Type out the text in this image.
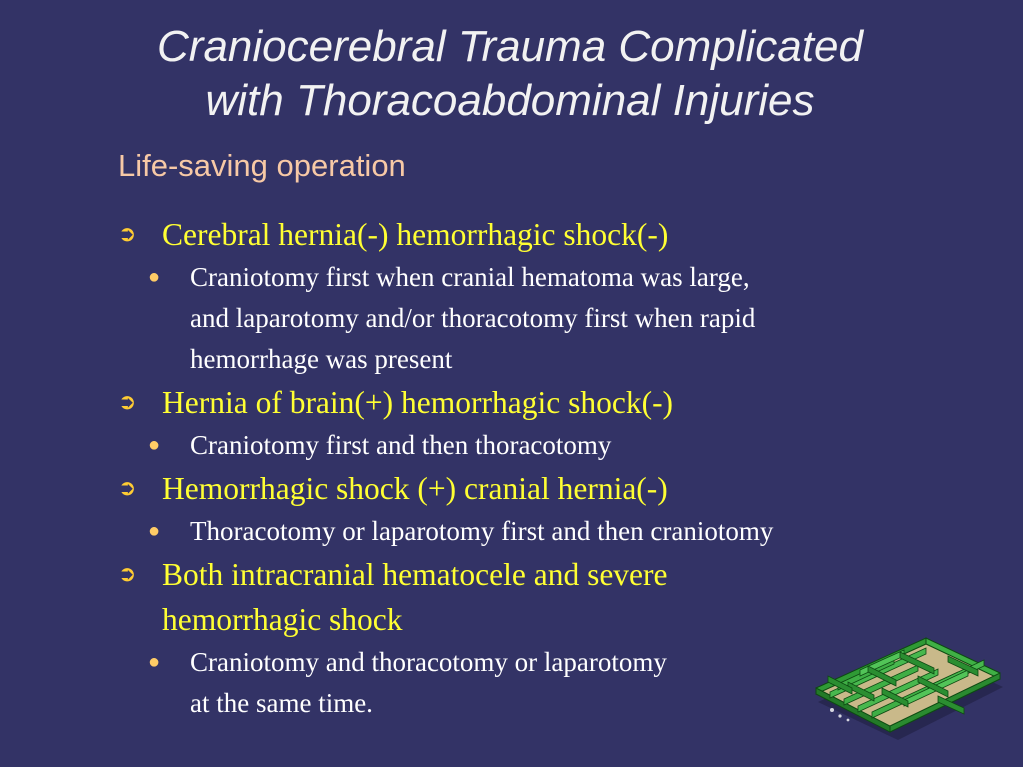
Craniocerebral Trauma Complicated
with Thoracoabdominal Injuries

Life-saving operation

➲ Cerebral hernia(-) hemorrhagic shock(-)
● Craniotomy first when cranial hematoma was large,
and laparotomy and/or thoracotomy first when rapid
hemorrhage was present
➲ Hernia of brain(+) hemorrhagic shock(-)
● Craniotomy first and then thoracotomy
➲ Hemorrhagic shock (+) cranial hernia(-)
● Thoracotomy or laparotomy first and then craniotomy
➲ Both intracranial hematocele and severe
hemorrhagic shock
● Craniotomy and thoracotomy or laparotomy
at the same time.
